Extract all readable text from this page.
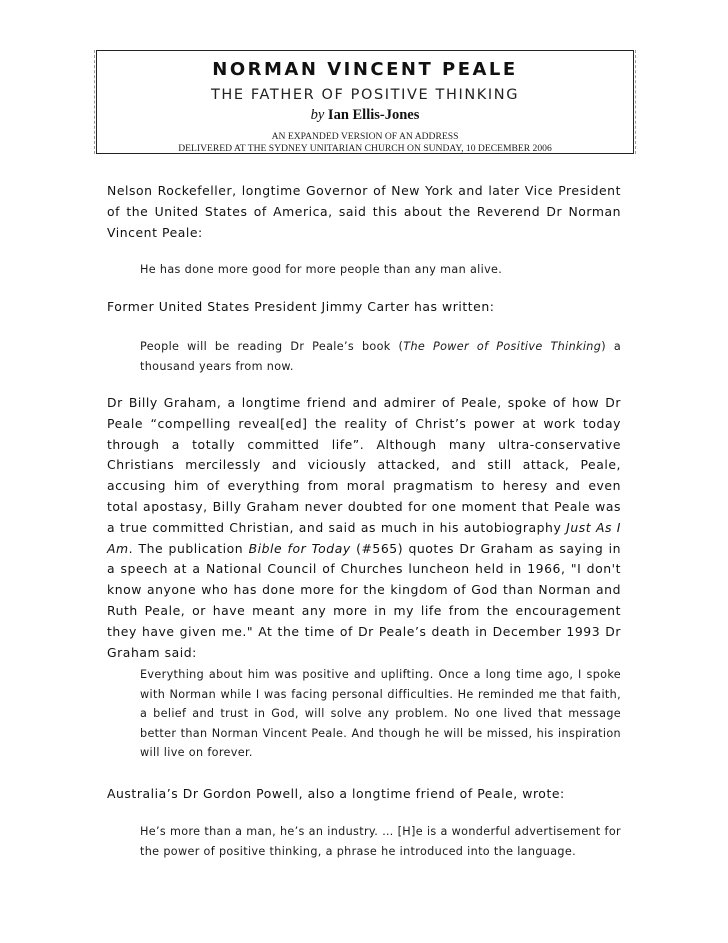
NORMAN VINCENT PEALE
THE FATHER OF POSITIVE THINKING
by Ian Ellis-Jones
AN EXPANDED VERSION OF AN ADDRESS
DELIVERED AT THE SYDNEY UNITARIAN CHURCH ON SUNDAY, 10 DECEMBER 2006

Nelson Rockefeller, longtime Governor of New York and later Vice President of the United States of America, said this about the Reverend Dr Norman Vincent Peale:

He has done more good for more people than any man alive.

Former United States President Jimmy Carter has written:

People will be reading Dr Peale’s book (The Power of Positive Thinking) a thousand years from now.

Dr Billy Graham, a longtime friend and admirer of Peale, spoke of how Dr Peale “compelling reveal[ed] the reality of Christ’s power at work today through a totally committed life”. Although many ultra-conservative Christians mercilessly and viciously attacked, and still attack, Peale, accusing him of everything from moral pragmatism to heresy and even total apostasy, Billy Graham never doubted for one moment that Peale was a true committed Christian, and said as much in his autobiography Just As I Am. The publication Bible for Today (#565) quotes Dr Graham as saying in a speech at a National Council of Churches luncheon held in 1966, "I don't know anyone who has done more for the kingdom of God than Norman and Ruth Peale, or have meant any more in my life from the encouragement they have given me." At the time of Dr Peale’s death in December 1993 Dr Graham said:

Everything about him was positive and uplifting. Once a long time ago, I spoke with Norman while I was facing personal difficulties. He reminded me that faith, a belief and trust in God, will solve any problem. No one lived that message better than Norman Vincent Peale. And though he will be missed, his inspiration will live on forever.

Australia’s Dr Gordon Powell, also a longtime friend of Peale, wrote:

He’s more than a man, he’s an industry. … [H]e is a wonderful advertisement for the power of positive thinking, a phrase he introduced into the language.
